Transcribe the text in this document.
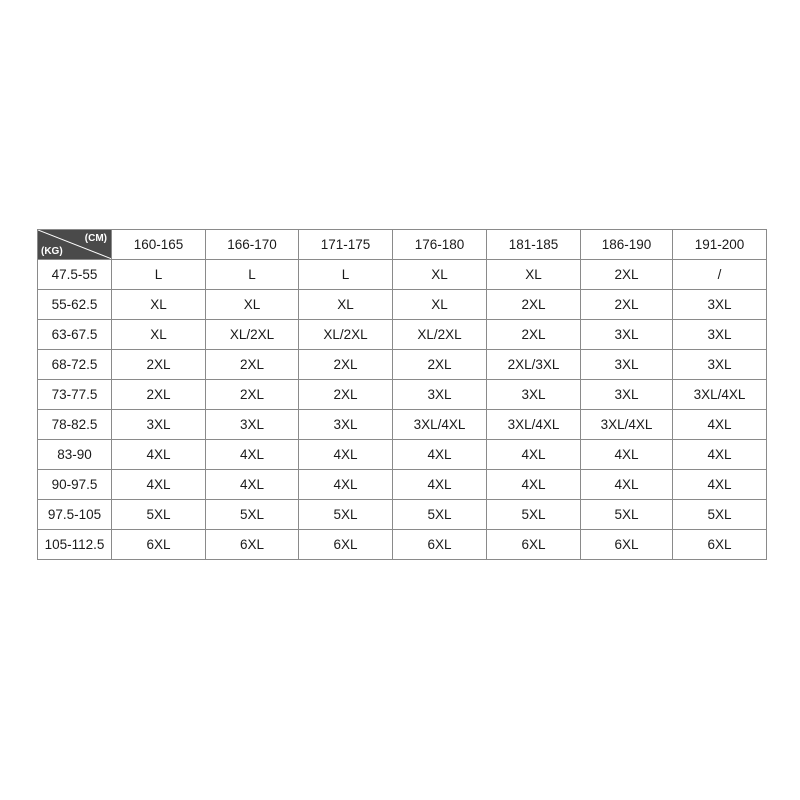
(CM)
(KG)	160-165	166-170	171-175	176-180	181-185	186-190	191-200
47.5-55	L	L	L	XL	XL	2XL	/
55-62.5	XL	XL	XL	XL	2XL	2XL	3XL
63-67.5	XL	XL/2XL	XL/2XL	XL/2XL	2XL	3XL	3XL
68-72.5	2XL	2XL	2XL	2XL	2XL/3XL	3XL	3XL
73-77.5	2XL	2XL	2XL	3XL	3XL	3XL	3XL/4XL
78-82.5	3XL	3XL	3XL	3XL/4XL	3XL/4XL	3XL/4XL	4XL
83-90	4XL	4XL	4XL	4XL	4XL	4XL	4XL
90-97.5	4XL	4XL	4XL	4XL	4XL	4XL	4XL
97.5-105	5XL	5XL	5XL	5XL	5XL	5XL	5XL
105-112.5	6XL	6XL	6XL	6XL	6XL	6XL	6XL
